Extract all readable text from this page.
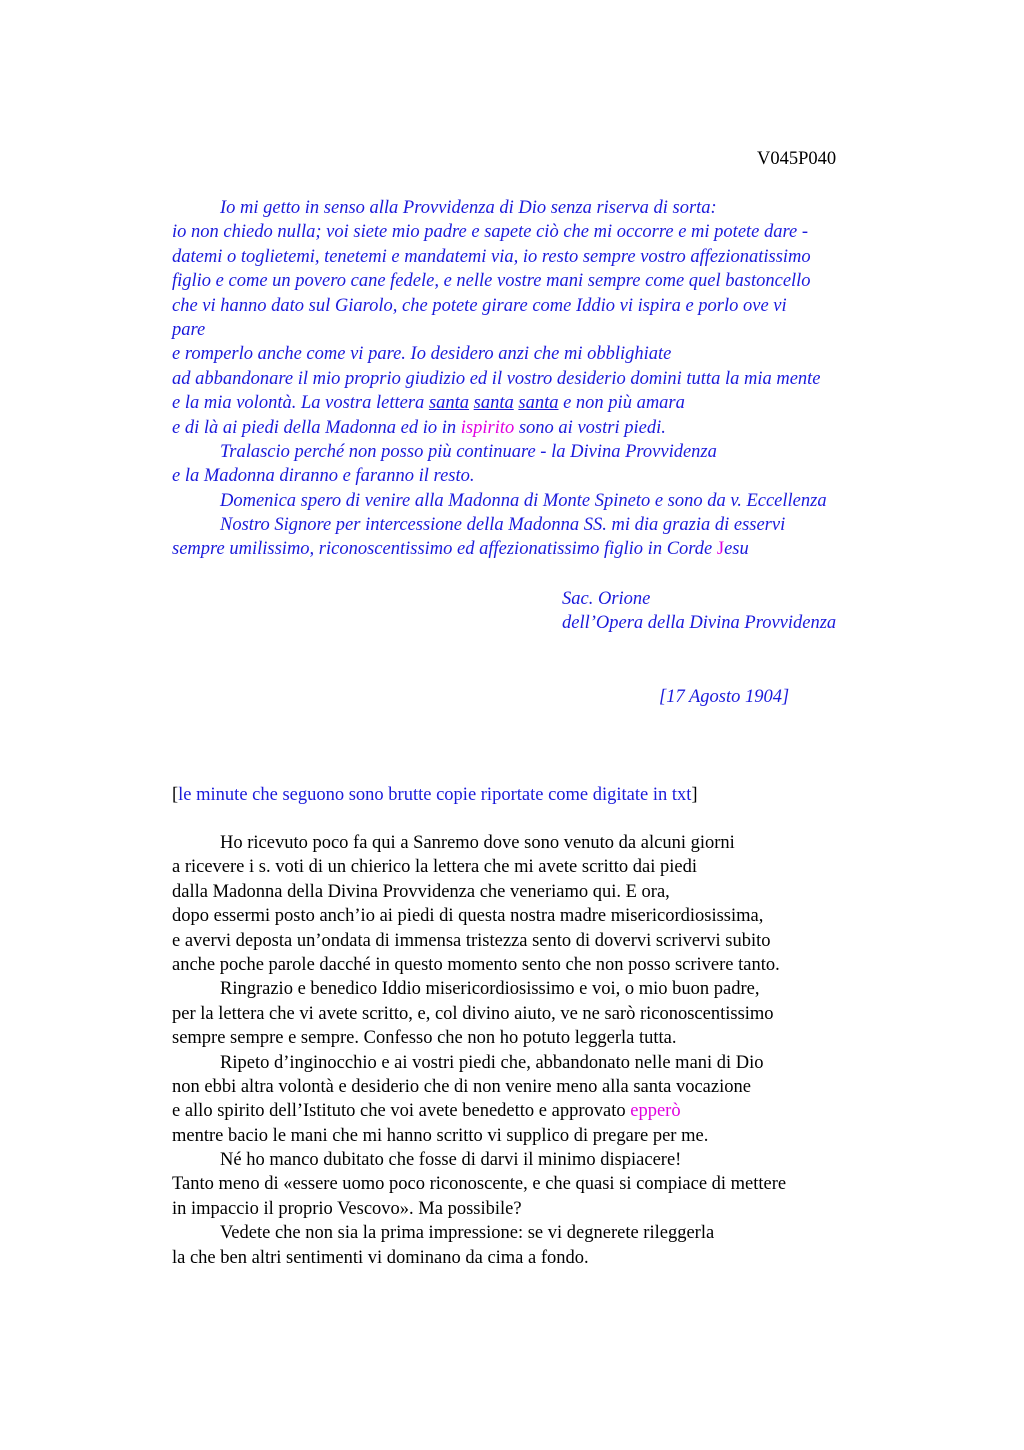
V045P040
Io mi getto in senso alla Provvidenza di Dio senza riserva di sorta:
io non chiedo nulla; voi siete mio padre e sapete ciò che mi occorre e mi potete dare -
datemi o toglietemi, tenetemi e mandatemi via, io resto sempre vostro affezionatissimo
figlio e come un povero cane fedele, e nelle vostre mani sempre come quel bastoncello
che vi hanno dato sul Giarolo, che potete girare come Iddio vi ispira e porlo ove vi
pare
e romperlo anche come vi pare. Io desidero anzi che mi obblighiate
ad abbandonare il mio proprio giudizio ed il vostro desiderio domini tutta la mia mente
e la mia volontà. La vostra lettera santa santa santa e non più amara
e di là ai piedi della Madonna ed io in ispirito sono ai vostri piedi.
Tralascio perché non posso più continuare - la Divina Provvidenza
e la Madonna diranno e faranno il resto.
Domenica spero di venire alla Madonna di Monte Spineto e sono da v. Eccellenza
Nostro Signore per intercessione della Madonna SS. mi dia grazia di esservi
sempre umilissimo, riconoscentissimo ed affezionatissimo figlio in Corde Jesu
Sac. Orione
dell’Opera della Divina Provvidenza
[17 Agosto 1904]
[le minute che seguono sono brutte copie riportate come digitate in txt]
Ho ricevuto poco fa qui a Sanremo dove sono venuto da alcuni giorni
a ricevere i s. voti di un chierico la lettera che mi avete scritto dai piedi
dalla Madonna della Divina Provvidenza che veneriamo qui. E ora,
dopo essermi posto anch’io ai piedi di questa nostra madre misericordiosissima,
e avervi deposta un’ondata di immensa tristezza sento di dovervi scrivervi subito
anche poche parole dacché in questo momento sento che non posso scrivere tanto.
Ringrazio e benedico Iddio misericordiosissimo e voi, o mio buon padre,
per la lettera che vi avete scritto, e, col divino aiuto, ve ne sarò riconoscentissimo
sempre sempre e sempre. Confesso che non ho potuto leggerla tutta.
Ripeto d’inginocchio e ai vostri piedi che, abbandonato nelle mani di Dio
non ebbi altra volontà e desiderio che di non venire meno alla santa vocazione
e allo spirito dell’Istituto che voi avete benedetto e approvato epperò
mentre bacio le mani che mi hanno scritto vi supplico di pregare per me.
Né ho manco dubitato che fosse di darvi il minimo dispiacere!
Tanto meno di «essere uomo poco riconoscente, e che quasi si compiace di mettere
in impaccio il proprio Vescovo». Ma possibile?
Vedete che non sia la prima impressione: se vi degnerete rileggerla
la che ben altri sentimenti vi dominano da cima a fondo.
